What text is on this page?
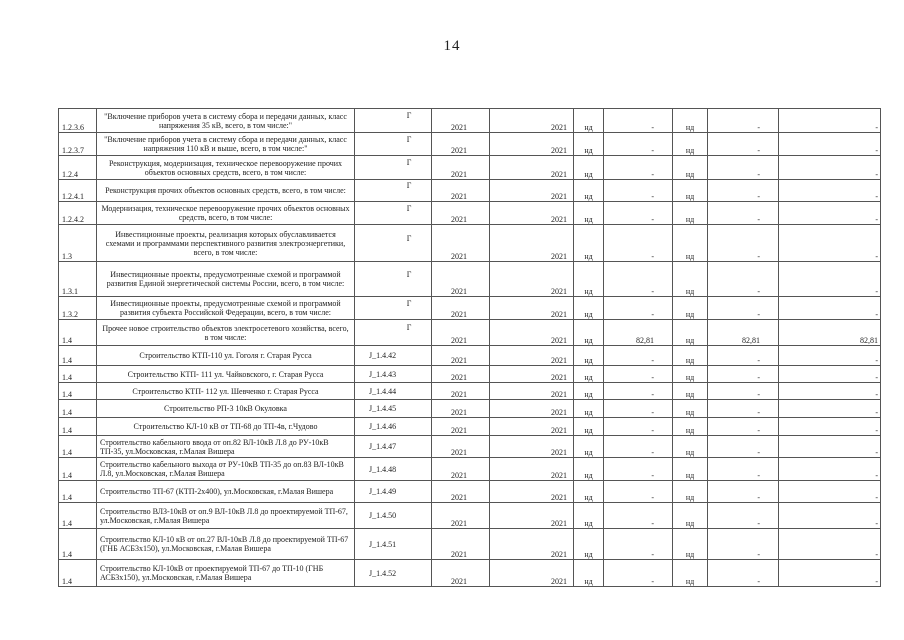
14
1.2.3.6	"Включение приборов учета в систему сбора и передачи данных, класс напряжения 35 кВ, всего, в том числе:"	Г	2021	2021	нд	-	нд	-	-
1.2.3.7	"Включение приборов учета в систему сбора и передачи данных, класс напряжения 110 кВ и выше, всего, в том числе:"	Г	2021	2021	нд	-	нд	-	-
1.2.4	Реконструкция, модернизация, техническое перевооружение прочих объектов основных средств, всего, в том числе:	Г	2021	2021	нд	-	нд	-	-
1.2.4.1	Реконструкция прочих объектов основных средств, всего, в том числе:	Г	2021	2021	нд	-	нд	-	-
1.2.4.2	Модернизация, техническое перевооружение прочих объектов основных средств, всего, в том числе:	Г	2021	2021	нд	-	нд	-	-
1.3	Инвестиционные проекты, реализация которых обуславливается схемами и программами перспективного развития электроэнергетики, всего, в том числе:	Г	2021	2021	нд	-	нд	-	-
1.3.1	Инвестиционные проекты, предусмотренные схемой и программой развития Единой энергетической системы России, всего, в том числе:	Г	2021	2021	нд	-	нд	-	-
1.3.2	Инвестиционные проекты, предусмотренные схемой и программой развития субъекта Российской Федерации, всего, в том числе:	Г	2021	2021	нд	-	нд	-	-
1.4	Прочее новое строительство объектов электросетевого хозяйства, всего, в том числе:	Г	2021	2021	нд	82,81	нд	82,81	82,81
1.4	Строительство КТП-110 ул. Гоголя г. Старая Русса	J_1.4.42	2021	2021	нд	-	нд	-	-
1.4	Строительство КТП- 111 ул. Чайковского, г. Старая Русса	J_1.4.43	2021	2021	нд	-	нд	-	-
1.4	Строительство КТП- 112 ул. Шевченко г. Старая Русса	J_1.4.44	2021	2021	нд	-	нд	-	-
1.4	Строительство РП-3 10кВ Окуловка	J_1.4.45	2021	2021	нд	-	нд	-	-
1.4	Строительство КЛ-10 кВ от ТП-68 до ТП-4в, г.Чудово	J_1.4.46	2021	2021	нд	-	нд	-	-
1.4	Строительство кабельного ввода от оп.82 ВЛ-10кВ Л.8 до РУ-10кВ ТП-35, ул.Московская, г.Малая Вишера	J_1.4.47	2021	2021	нд	-	нд	-	-
1.4	Строительство кабельного выхода от РУ-10кВ ТП-35 до оп.83 ВЛ-10кВ Л.8, ул.Московская, г.Малая Вишера	J_1.4.48	2021	2021	нд	-	нд	-	-
1.4	Строительство ТП-67 (КТП-2х400), ул.Московская, г.Малая Вишера	J_1.4.49	2021	2021	нд	-	нд	-	-
1.4	Строительство ВЛЗ-10кВ от оп.9 ВЛ-10кВ Л.8 до проектируемой ТП-67, ул.Московская, г.Малая Вишера	J_1.4.50	2021	2021	нд	-	нд	-	-
1.4	Строительство КЛ-10 кВ от оп.27 ВЛ-10кВ Л.8 до проектируемой ТП-67 (ГНБ АСБ3х150), ул.Московская, г.Малая Вишера	J_1.4.51	2021	2021	нд	-	нд	-	-
1.4	Строительство КЛ-10кВ от проектируемой ТП-67 до ТП-10 (ГНБ АСБ3х150), ул.Московская, г.Малая Вишера	J_1.4.52	2021	2021	нд	-	нд	-	-
